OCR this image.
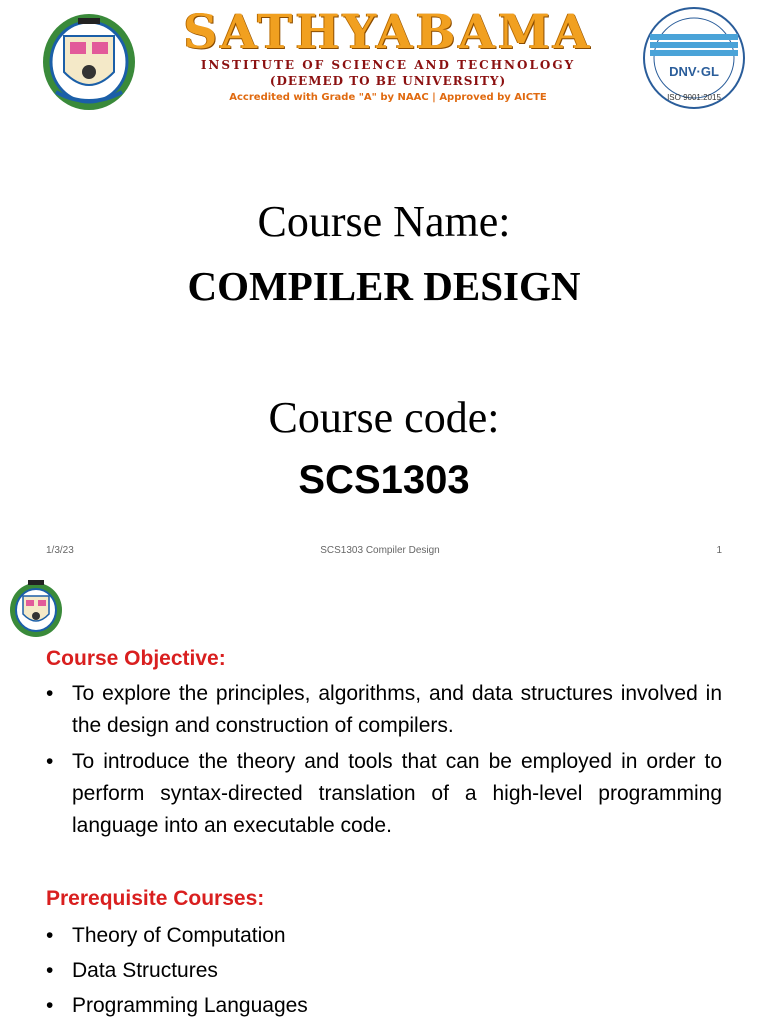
SATHYABAMA
INSTITUTE OF SCIENCE AND TECHNOLOGY
(DEEMED TO BE UNIVERSITY)
Accredited with Grade "A" by NAAC | Approved by AICTE
DNV·GL
ISO 9001:2015
Course Name:
COMPILER DESIGN
Course code:
SCS1303
1/3/23	SCS1303 Compiler Design	1
Course Objective:
• To explore the principles, algorithms, and data structures involved in the design and construction of compilers.
• To introduce the theory and tools that can be employed in order to perform syntax-directed translation of a high-level programming language into an executable code.
Prerequisite Courses:
• Theory of Computation
• Data Structures
• Programming Languages
